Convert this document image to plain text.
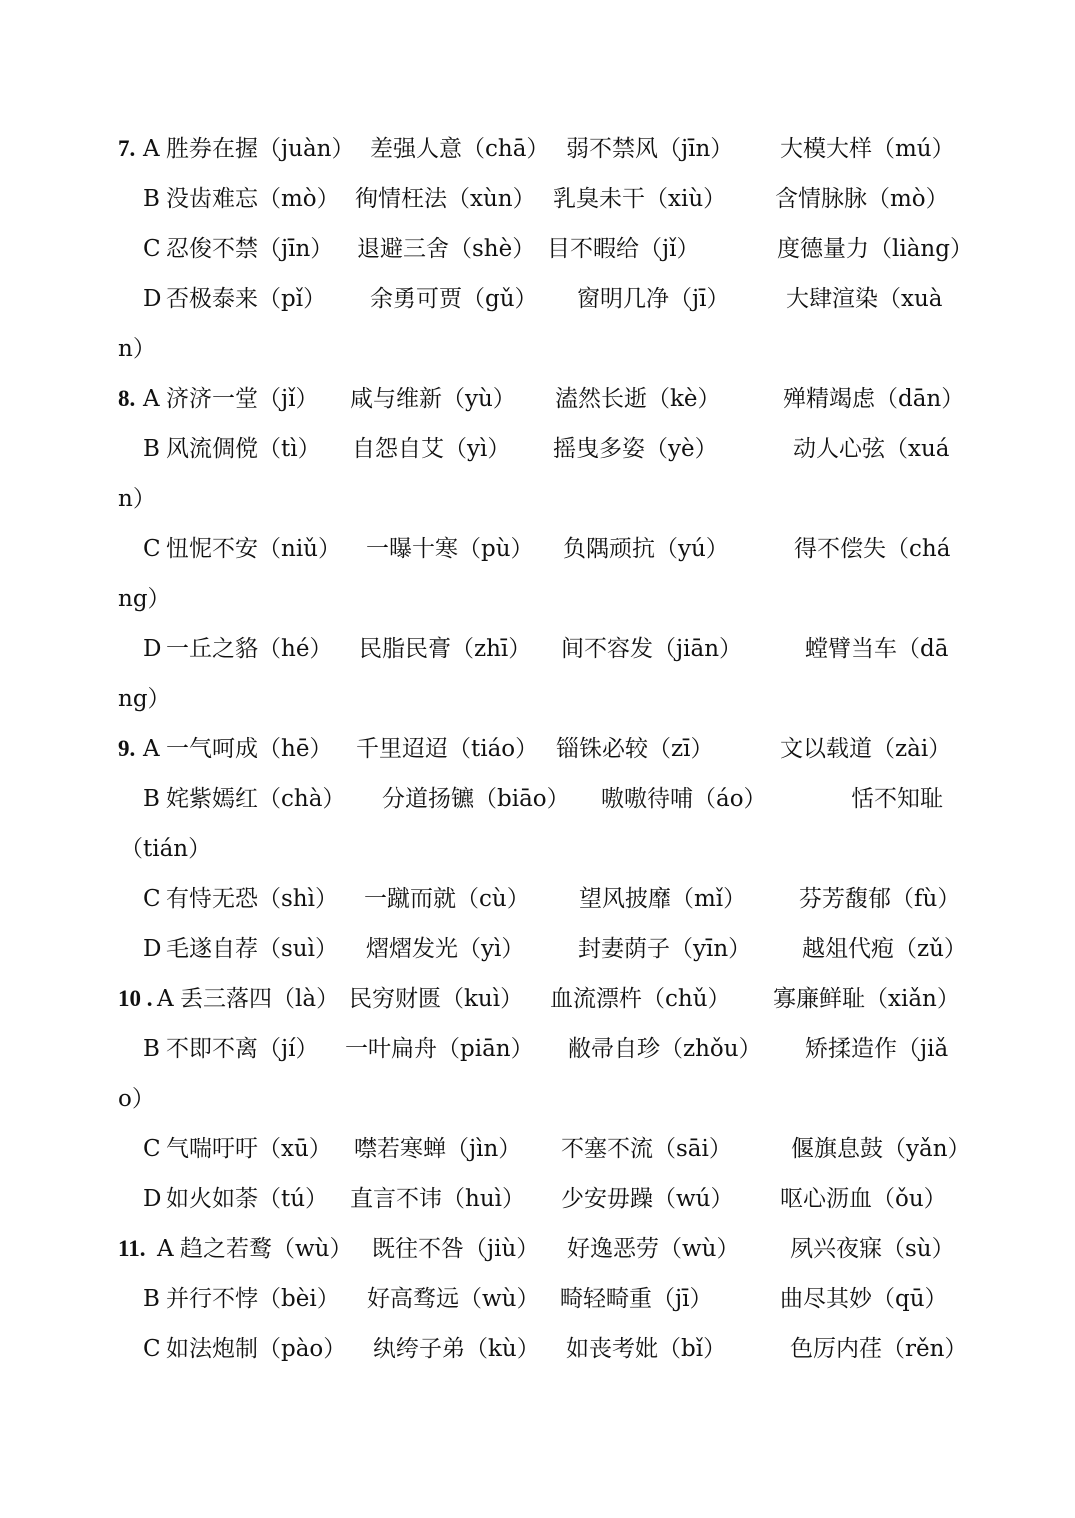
7. A 胜券在握（juàn） 差强人意（chā） 弱不禁风（jīn） 大模大样（mú）
B 没齿难忘（mò） 徇情枉法（xùn） 乳臭未干（xiù） 含情脉脉（mò）
C 忍俊不禁（jīn） 退避三舍（shè） 目不暇给（jǐ）	度德量力（liàng）
D 否极泰来（pǐ） 余勇可贾（gǔ） 窗明几净（jī） 大肆渲染（xuà
n）
8. A 济济一堂（jǐ） 咸与维新（yù） 溘然长逝（kè）	殚精竭虑（dān）
B 风流倜傥（tì） 自怨自艾（yì） 摇曳多姿（yè）	动人心弦（xuá
n）
C 忸怩不安（niǔ） 一曝十寒（pù） 负隅顽抗（yú）	得不偿失（chá
ng）
D 一丘之貉（hé） 民脂民膏（zhī） 间不容发（jiān）	螳臂当车（dā
ng）
9. A 一气呵成（hē） 千里迢迢（tiáo） 锱铢必较（zī）	文以载道（zài）
B 姹紫嫣红（chà） 分道扬镳（biāo） 嗷嗷待哺（áo）	恬不知耻
（tián）
C 有恃无恐（shì） 一蹴而就（cù） 望风披靡（mǐ） 芬芳馥郁（fù）
D 毛遂自荐（suì） 熠熠发光（yì） 封妻荫子（yīn） 越俎代疱（zǔ）
10 . A 丢三落四（là） 民穷财匮（kuì） 血流漂杵（chǔ） 寡廉鲜耻（xiǎn）
B 不即不离（jí） 一叶扁舟（piān） 敝帚自珍（zhǒu） 矫揉造作（jiǎ
o）
C 气喘吁吁（xū） 噤若寒蝉（jìn） 不塞不流（sāi）	偃旗息鼓（yǎn）
D 如火如荼（tú） 直言不讳（huì） 少安毋躁（wú） 呕心沥血（ǒu）
11. A 趋之若鹜（wù） 既往不咎（jiù） 好逸恶劳（wù） 夙兴夜寐（sù）
B 并行不悖（bèi） 好高骛远（wù） 畸轻畸重（jī）	曲尽其妙（qū）
C 如法炮制（pào） 纨绔子弟（kù） 如丧考妣（bǐ）	色厉内荏（rěn）
